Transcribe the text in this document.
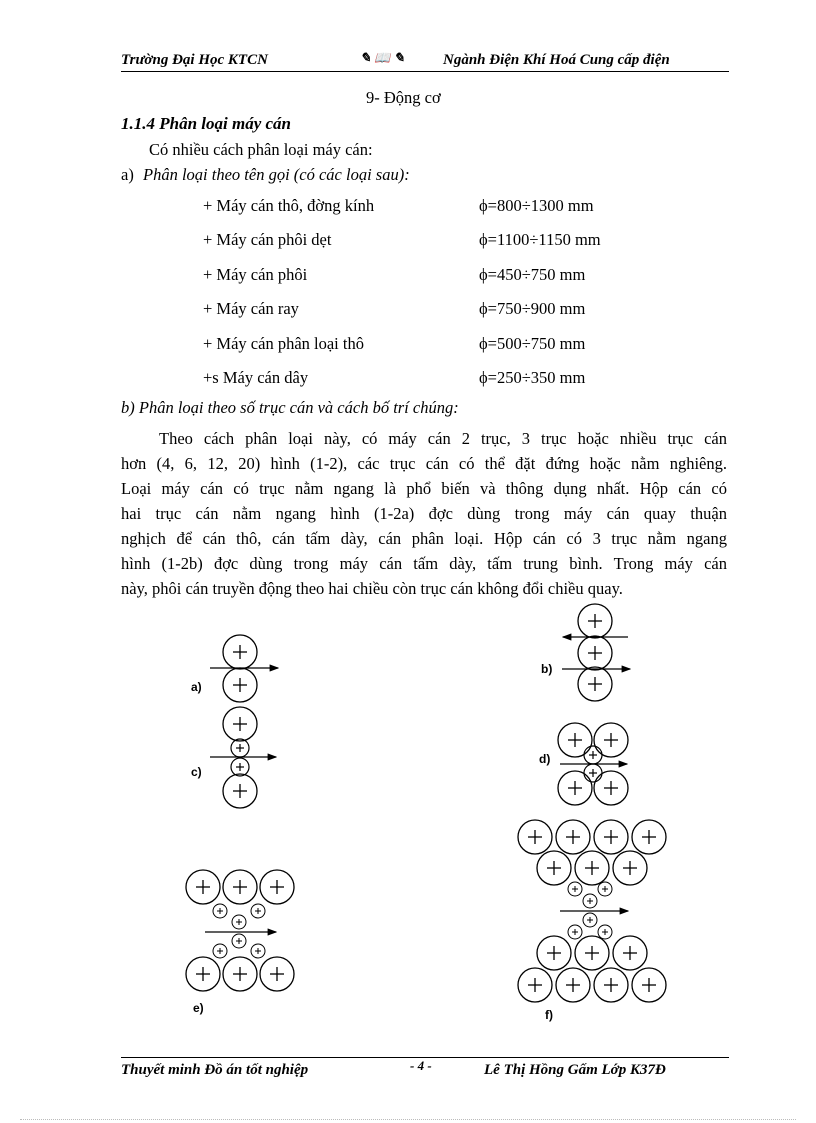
Trường Đại Học KTCN	✎ 📖 ✎	Ngành Điện Khí Hoá Cung cấp điện
9- Động cơ
1.1.4 Phân loại máy cán
Có nhiều cách phân loại máy cán:
a) Phân loại theo tên gọi (có các loại sau):
+ Máy cán thô, đờng kính	ϕ=800÷1300 mm
+ Máy cán phôi dẹt	ϕ=1100÷1150 mm
+ Máy cán phôi	ϕ=450÷750 mm
+ Máy cán ray	ϕ=750÷900 mm
+ Máy cán phân loại thô	ϕ=500÷750 mm
+s Máy cán dây	ϕ=250÷350 mm
b) Phân loại theo số trục cán và cách bố trí chúng:
Theo cách phân loại này, có máy cán 2 trục, 3 trục hoặc nhiều trục cán
hơn (4, 6, 12, 20) hình (1-2), các trục cán có thể đặt đứng hoặc nằm nghiêng.
Loại máy cán có trục nằm ngang là phổ biến và thông dụng nhất. Hộp cán có
hai trục cán nằm ngang hình (1-2a) đợc dùng trong máy cán quay thuận
nghịch để cán thô, cán tấm dày, cán phân loại. Hộp cán có 3 trục nằm ngang
hình (1-2b) đợc dùng trong máy cán tấm dày, tấm trung bình. Trong máy cán
này, phôi cán truyền động theo hai chiều còn trục cán không đổi chiều quay.
a)
b)
c)
d)
e)	f)
Thuyết minh Đồ án tốt nghiệp	- 4 -	Lê Thị Hồng Gấm Lớp K37Đ
